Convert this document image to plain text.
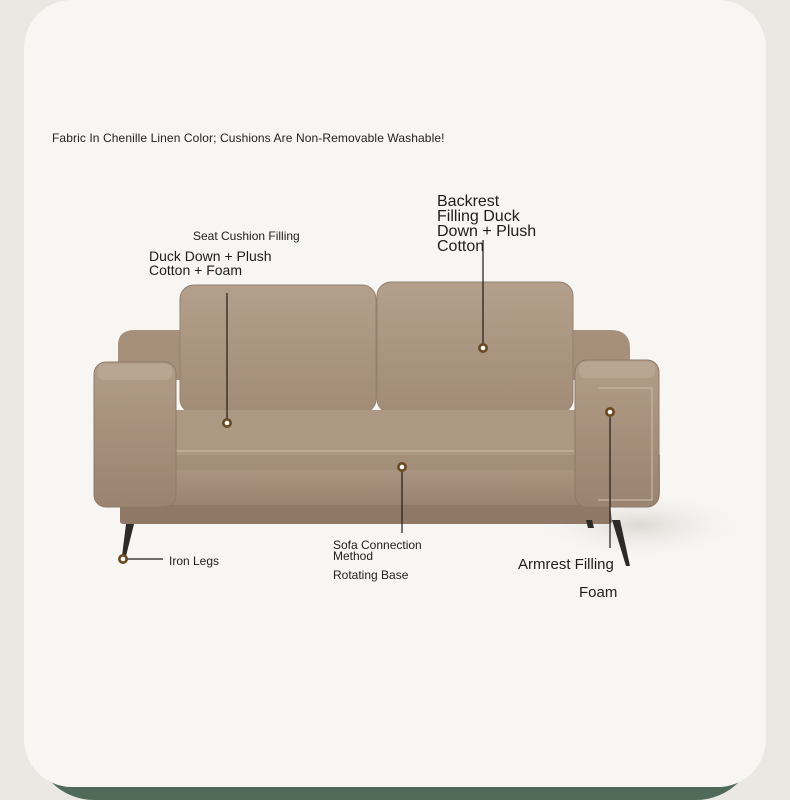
Fabric In Chenille Linen Color; Cushions Are Non-Removable Washable!
Seat Cushion Filling
Duck Down + Plush
Cotton + Foam
Backrest
Filling Duck
Down + Plush
Cotton
Iron Legs
Sofa Connection
Method
Rotating Base
Armrest Filling
Foam
